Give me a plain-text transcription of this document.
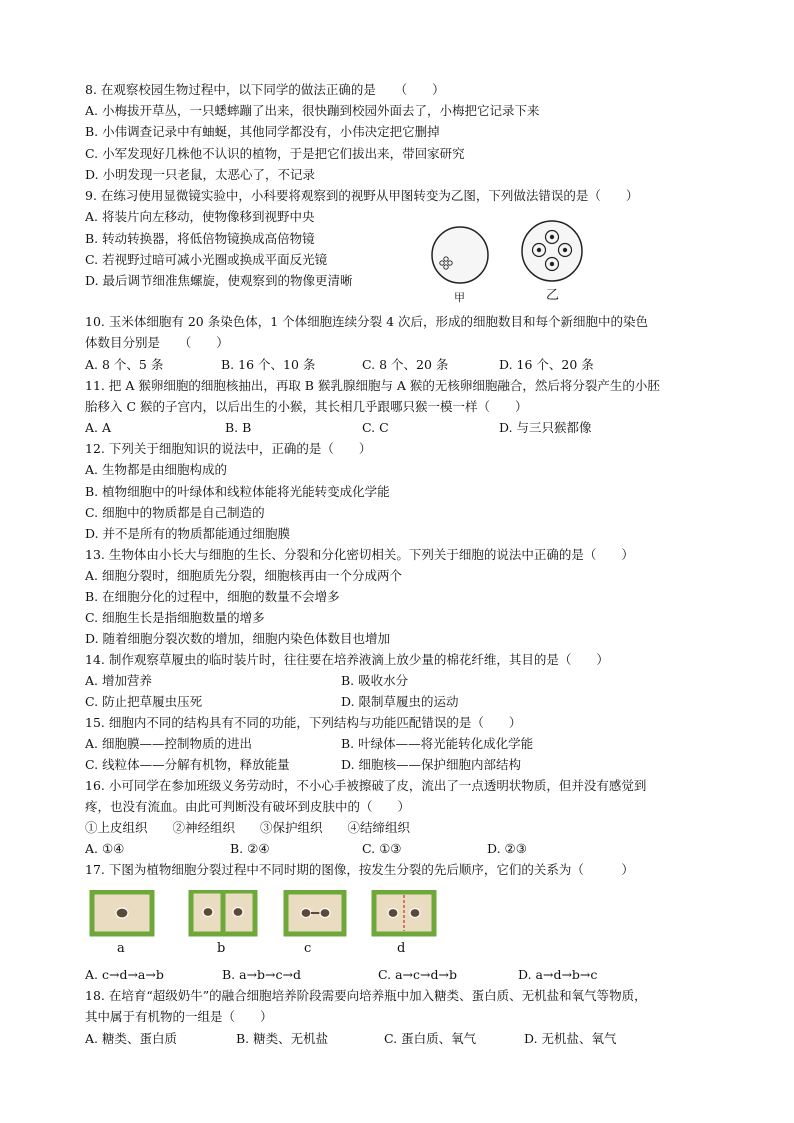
8. 在观察校园生物过程中，以下同学的做法正确的是　　（　　）
A. 小梅拔开草丛，一只蟋蟀蹦了出来，很快蹦到校园外面去了，小梅把它记录下来
B. 小伟调查记录中有蚰蜒，其他同学都没有，小伟决定把它删掉
C. 小军发现好几株他不认识的植物，于是把它们拔出来，带回家研究
D. 小明发现一只老鼠，太恶心了，不记录
9. 在练习使用显微镜实验中，小科要将观察到的视野从甲图转变为乙图，下列做法错误的是（　　）
A. 将装片向左移动，使物像移到视野中央
B. 转动转换器，将低倍物镜换成高倍物镜
C. 若视野过暗可减小光圈或换成平面反光镜
D. 最后调节细准焦螺旋，使观察到的物像更清晰
甲	乙
10. 玉米体细胞有 20 条染色体，1 个体细胞连续分裂 4 次后，形成的细胞数目和每个新细胞中的染色
体数目分别是　　（　　）
A. 8 个、5 条	B. 16 个、10 条	C. 8 个、20 条	D. 16 个、20 条
11. 把 A 猴卵细胞的细胞核抽出，再取 B 猴乳腺细胞与 A 猴的无核卵细胞融合，然后将分裂产生的小胚
胎移入 C 猴的子宫内，以后出生的小猴，其长相几乎跟哪只猴一模一样（　　）
A. A	B. B	C. C	D. 与三只猴都像
12. 下列关于细胞知识的说法中，正确的是（　　）
A. 生物都是由细胞构成的
B. 植物细胞中的叶绿体和线粒体能将光能转变成化学能
C. 细胞中的物质都是自己制造的
D. 并不是所有的物质都能通过细胞膜
13. 生物体由小长大与细胞的生长、分裂和分化密切相关。下列关于细胞的说法中正确的是（　　）
A. 细胞分裂时，细胞质先分裂，细胞核再由一个分成两个
B. 在细胞分化的过程中，细胞的数量不会增多
C. 细胞生长是指细胞数量的增多
D. 随着细胞分裂次数的增加，细胞内染色体数目也增加
14. 制作观察草履虫的临时装片时，往往要在培养液滴上放少量的棉花纤维，其目的是（　　）
A. 增加营养	B. 吸收水分
C. 防止把草履虫压死	D. 限制草履虫的运动
15. 细胞内不同的结构具有不同的功能，下列结构与功能匹配错误的是（　　）
A. 细胞膜——控制物质的进出	B. 叶绿体——将光能转化成化学能
C. 线粒体——分解有机物，释放能量	D. 细胞核——保护细胞内部结构
16. 小可同学在参加班级义务劳动时，不小心手被擦破了皮，流出了一点透明状物质，但并没有感觉到
疼，也没有流血。由此可判断没有破坏到皮肤中的（　　）
①上皮组织　　②神经组织　　③保护组织　　④结缔组织
A. ①④	B. ②④	C. ①③	D. ②③
17. 下图为植物细胞分裂过程中不同时期的图像，按发生分裂的先后顺序，它们的关系为（　　　）
a	b	c	d
A. c→d→a→b	B. a→b→c→d	C. a→c→d→b	D. a→d→b→c
18. 在培育“超级奶牛”的融合细胞培养阶段需要向培养瓶中加入糖类、蛋白质、无机盐和氧气等物质，
其中属于有机物的一组是（　　）
A. 糖类、蛋白质	B. 糖类、无机盐	C. 蛋白质、氧气	D. 无机盐、氧气
